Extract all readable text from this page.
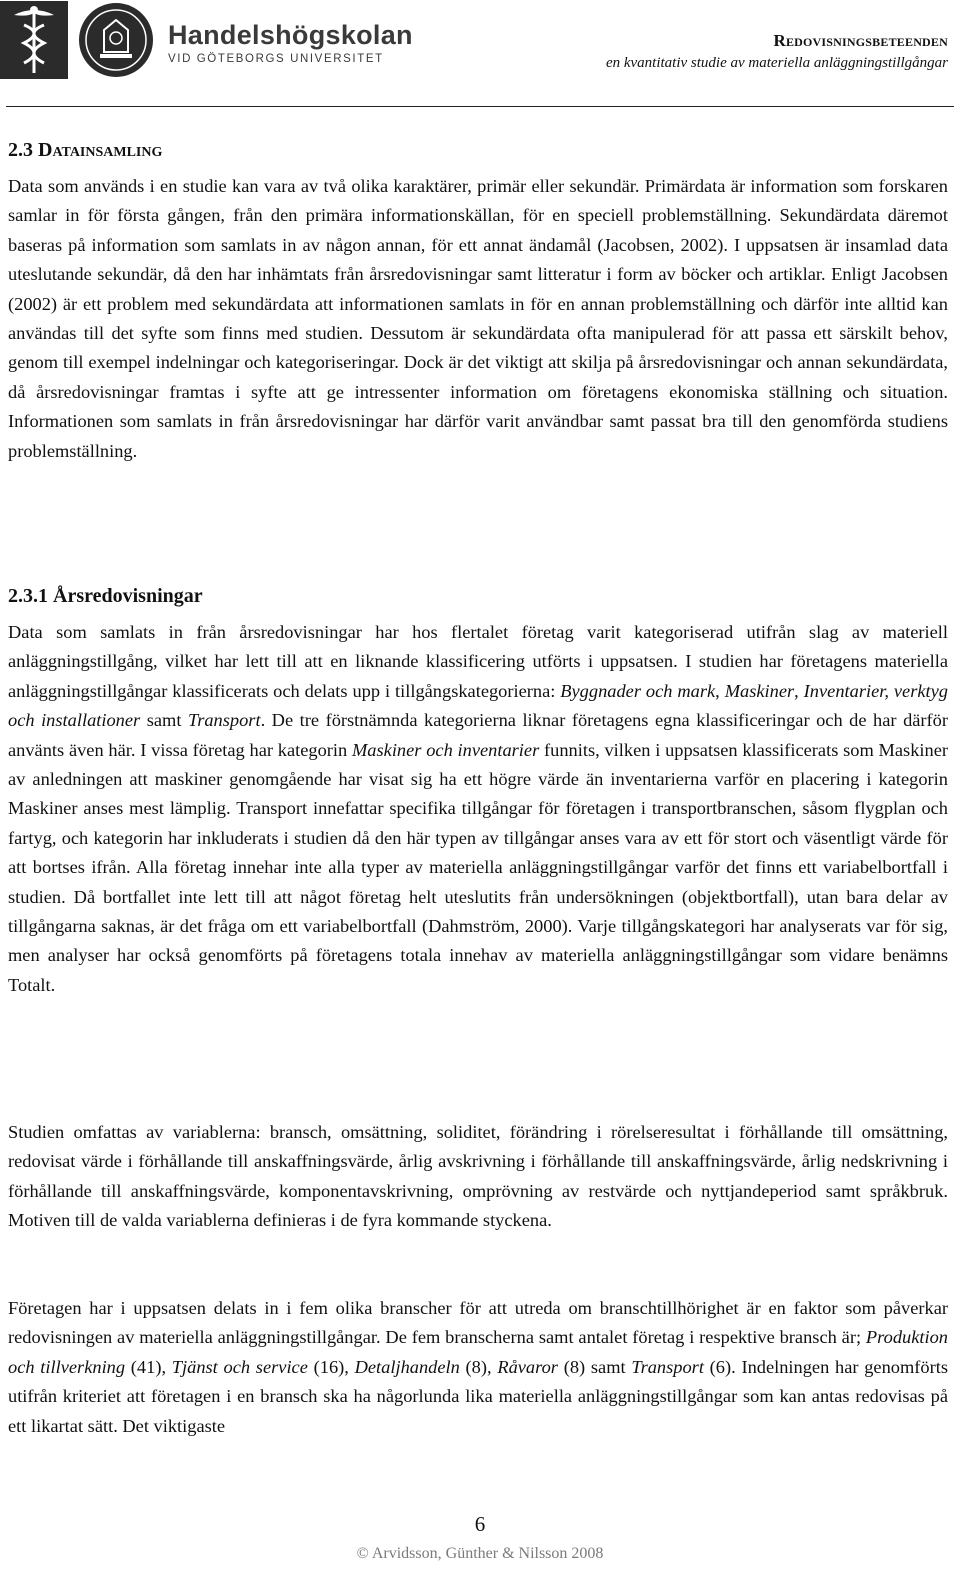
Handelshögskolan
VID GÖTEBORGS UNIVERSITET
Redovisningsbeteenden
en kvantitativ studie av materiella anläggningstillgångar
2.3 Datainsamling

Data som används i en studie kan vara av två olika karaktärer, primär eller sekundär. Primärdata är information som forskaren samlar in för första gången, från den primära informationskällan, för en speciell problemställning. Sekundärdata däremot baseras på information som samlats in av någon annan, för ett annat ändamål (Jacobsen, 2002). I uppsatsen är insamlad data uteslutande sekundär, då den har inhämtats från årsredovisningar samt litteratur i form av böcker och artiklar. Enligt Jacobsen (2002) är ett problem med sekundärdata att informationen samlats in för en annan problemställning och därför inte alltid kan användas till det syfte som finns med studien. Dessutom är sekundärdata ofta manipulerad för att passa ett särskilt behov, genom till exempel indelningar och kategoriseringar. Dock är det viktigt att skilja på årsredovisningar och annan sekundärdata, då årsredovisningar framtas i syfte att ge intressenter information om företagens ekonomiska ställning och situation. Informationen som samlats in från årsredovisningar har därför varit användbar samt passat bra till den genomförda studiens problemställning.

2.3.1 Årsredovisningar

Data som samlats in från årsredovisningar har hos flertalet företag varit kategoriserad utifrån slag av materiell anläggningstillgång, vilket har lett till att en liknande klassificering utförts i uppsatsen. I studien har företagens materiella anläggningstillgångar klassificerats och delats upp i tillgångskategorierna: Byggnader och mark, Maskiner, Inventarier, verktyg och installationer samt Transport. De tre förstnämnda kategorierna liknar företagens egna klassificeringar och de har därför använts även här. I vissa företag har kategorin Maskiner och inventarier funnits, vilken i uppsatsen klassificerats som Maskiner av anledningen att maskiner genomgående har visat sig ha ett högre värde än inventarierna varför en placering i kategorin Maskiner anses mest lämplig. Transport innefattar specifika tillgångar för företagen i transportbranschen, såsom flygplan och fartyg, och kategorin har inkluderats i studien då den här typen av tillgångar anses vara av ett för stort och väsentligt värde för att bortses ifrån. Alla företag innehar inte alla typer av materiella anläggningstillgångar varför det finns ett variabelbortfall i studien. Då bortfallet inte lett till att något företag helt uteslutits från undersökningen (objektbortfall), utan bara delar av tillgångarna saknas, är det fråga om ett variabelbortfall (Dahmström, 2000). Varje tillgångskategori har analyserats var för sig, men analyser har också genomförts på företagens totala innehav av materiella anläggningstillgångar som vidare benämns Totalt.

Studien omfattas av variablerna: bransch, omsättning, soliditet, förändring i rörelseresultat i förhållande till omsättning, redovisat värde i förhållande till anskaffningsvärde, årlig avskrivning i förhållande till anskaffningsvärde, årlig nedskrivning i förhållande till anskaffningsvärde, komponentavskrivning, omprövning av restvärde och nyttjandeperiod samt språkbruk. Motiven till de valda variablerna definieras i de fyra kommande styckena.

Företagen har i uppsatsen delats in i fem olika branscher för att utreda om branschtillhörighet är en faktor som påverkar redovisningen av materiella anläggningstillgångar. De fem branscherna samt antalet företag i respektive bransch är; Produktion och tillverkning (41), Tjänst och service (16), Detaljhandeln (8), Råvaror (8) samt Transport (6). Indelningen har genomförts utifrån kriteriet att företagen i en bransch ska ha någorlunda lika materiella anläggningstillgångar som kan antas redovisas på ett likartat sätt. Det viktigaste

6
© Arvidsson, Günther & Nilsson 2008
